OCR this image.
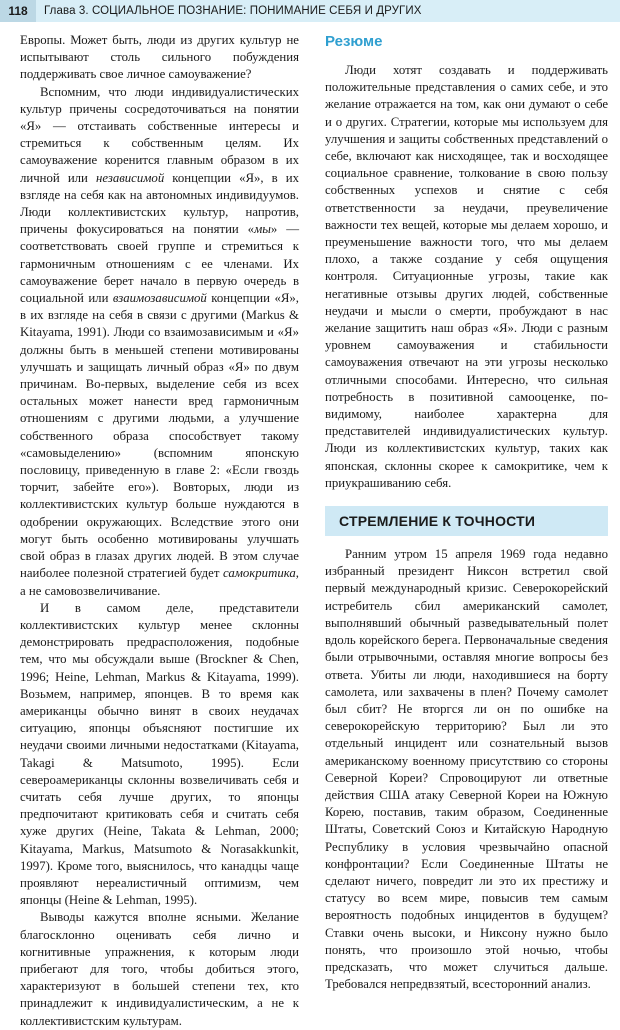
118	Глава 3. СОЦИАЛЬНОЕ ПОЗНАНИЕ: ПОНИМАНИЕ СЕБЯ И ДРУГИХ

Европы. Может быть, люди из других культур не испытывают столь сильного побуждения поддерживать свое личное самоуважение?

Вспомним, что люди индивидуалистических культур причены сосредоточиваться на понятии «Я» — отстаивать собственные интересы и стремиться к собственным целям. Их самоуважение коренится главным образом в их личной или независимой концепции «Я», в их взгляде на себя как на автономных индивидуумов. Люди коллективистских культур, напротив, причены фокусироваться на понятии «мы» — соответствовать своей группе и стремиться к гармоничным отношениям с ее членами. Их самоуважение берет начало в первую очередь в социальной или взаимозависимой концепции «Я», в их взгляде на себя в связи с другими (Markus & Kitayama, 1991). Люди со взаимозависимым и «Я» должны быть в меньшей степени мотивированы улучшать и защищать личный образ «Я» по двум причинам. Во-первых, выделение себя из всех остальных может нанести вред гармоничным отношениям с другими людьми, а улучшение собственного образа способствует такому «самовыделению» (вспомним японскую пословицу, приведенную в главе 2: «Если гвоздь торчит, забейте его»). Вовторых, люди из коллективистских культур больше нуждаются в одобрении окружающих. Вследствие этого они могут быть особенно мотивированы улучшать свой образ в глазах других людей. В этом случае наиболее полезной стратегией будет самокритика, а не самовозвеличивание.

И в самом деле, представители коллективистских культур менее склонны демонстрировать предрасположения, подобные тем, что мы обсуждали выше (Brockner & Chen, 1996; Heine, Lehman, Markus & Kitayama, 1999). Возьмем, например, японцев. В то время как американцы обычно винят в своих неудачах ситуацию, японцы объясняют постигшие их неудачи своими личными недостатками (Kitayama, Takagi & Matsumoto, 1995). Если североамериканцы склонны возвеличивать себя и считать себя лучше других, то японцы предпочитают критиковать себя и считать себя хуже других (Heine, Takata & Lehman, 2000; Kitayama, Markus, Matsumoto & Norasakkunkit, 1997). Кроме того, выяснилось, что канадцы чаще проявляют нереалистичный оптимизм, чем японцы (Heine & Lehman, 1995).

Выводы кажутся вполне ясными. Желание благосклонно оценивать себя лично и когнитивные упражнения, к которым люди прибегают для того, чтобы добиться этого, характеризуют в большей степени тех, кто принадлежит к индивидуалистическим, а не к коллективистским культурам.

Резюме

Люди хотят создавать и поддерживать положительные представления о самих себе, и это желание отражается на том, как они думают о себе и о других. Стратегии, которые мы используем для улучшения и защиты собственных представлений о себе, включают как нисходящее, так и восходящее социальное сравнение, толкование в свою пользу собственных успехов и снятие с себя ответственности за неудачи, преувеличение важности тех вещей, которые мы делаем хорошо, и преуменьшение важности того, что мы делаем плохо, а также создание у себя ощущения контроля. Ситуационные угрозы, такие как негативные отзывы других людей, собственные неудачи и мысли о смерти, пробуждают в нас желание защитить наш образ «Я». Люди с разным уровнем самоуважения и стабильности самоуважения отвечают на эти угрозы несколько отличными способами. Интересно, что сильная потребность в позитивной самооценке, по-видимому, наиболее характерна для представителей индивидуалистических культур. Люди из коллективистских культур, таких как японская, склонны скорее к самокритике, чем к приукрашиванию себя.

СТРЕМЛЕНИЕ К ТОЧНОСТИ

Ранним утром 15 апреля 1969 года недавно избранный президент Никсон встретил свой первый международный кризис. Северокорейский истребитель сбил американский самолет, выполнявший обычный разведывательный полет вдоль корейского берега. Первоначальные сведения были отрывочными, оставляя многие вопросы без ответа. Убиты ли люди, находившиеся на борту самолета, или захвачены в плен? Почему самолет был сбит? Не вторгся ли он по ошибке на северокорейскую территорию? Был ли это отдельный инцидент или сознательный вызов американскому военному присутствию со стороны Северной Кореи? Спровоцируют ли ответные действия США атаку Северной Кореи на Южную Корею, поставив, таким образом, Соединенные Штаты, Советский Союз и Китайскую Народную Республику в условия чрезвычайно опасной конфронтации? Если Соединенные Штаты не сделают ничего, повредит ли это их престижу и статусу во всем мире, повысив тем самым вероятность подобных инцидентов в будущем? Ставки очень высоки, и Никсону нужно было понять, что произошло этой ночью, чтобы предсказать, что может случиться дальше. Требовался непредвзятый, всесторонний анализ.
